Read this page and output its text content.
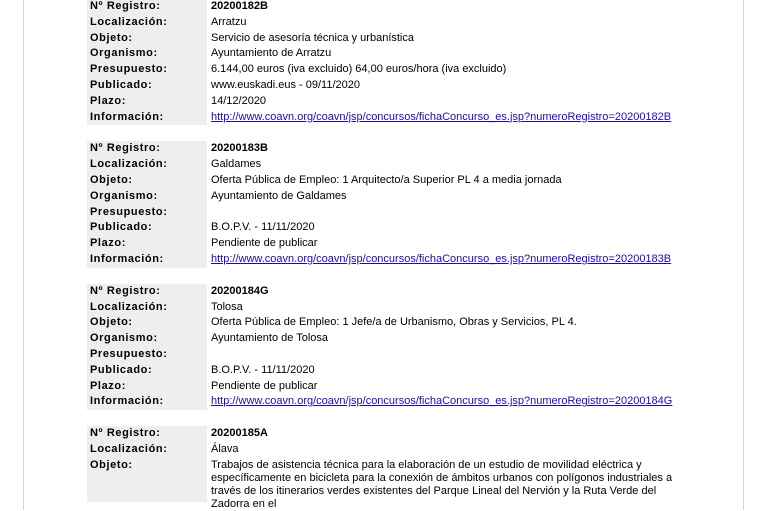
Nº Registro:	20200182B
Localización:	Arratzu
Objeto:	Servicio de asesoría técnica y urbanística
Organismo:	Ayuntamiento de Arratzu
Presupuesto:	6.144,00 euros (iva excluido) 64,00 euros/hora (iva excluido)
Publicado:	www.euskadi.eus - 09/11/2020
Plazo:	14/12/2020
Información:	http://www.coavn.org/coavn/jsp/concursos/fichaConcurso_es.jsp?numeroRegistro=20200182B
Nº Registro:	20200183B
Localización:	Galdames
Objeto:	Oferta Pública de Empleo: 1 Arquitecto/a Superior PL 4 a media jornada
Organismo:	Ayuntamiento de Galdames
Presupuesto:
Publicado:	B.O.P.V. - 11/11/2020
Plazo:	Pendiente de publicar
Información:	http://www.coavn.org/coavn/jsp/concursos/fichaConcurso_es.jsp?numeroRegistro=20200183B
Nº Registro:	20200184G
Localización:	Tolosa
Objeto:	Oferta Pública de Empleo: 1 Jefe/a de Urbanismo, Obras y Servicios, PL 4.
Organismo:	Ayuntamiento de Tolosa
Presupuesto:
Publicado:	B.O.P.V. - 11/11/2020
Plazo:	Pendiente de publicar
Información:	http://www.coavn.org/coavn/jsp/concursos/fichaConcurso_es.jsp?numeroRegistro=20200184G
Nº Registro:	20200185A
Localización:	Álava
Objeto:	Trabajos de asistencia técnica para la elaboración de un estudio de movilidad eléctrica y específicamente en bicicleta para la conexión de ámbitos urbanos con polígonos industriales a través de los itinerarios verdes existentes del Parque Lineal del Nervión y la Ruta Verde del Zadorra en el
